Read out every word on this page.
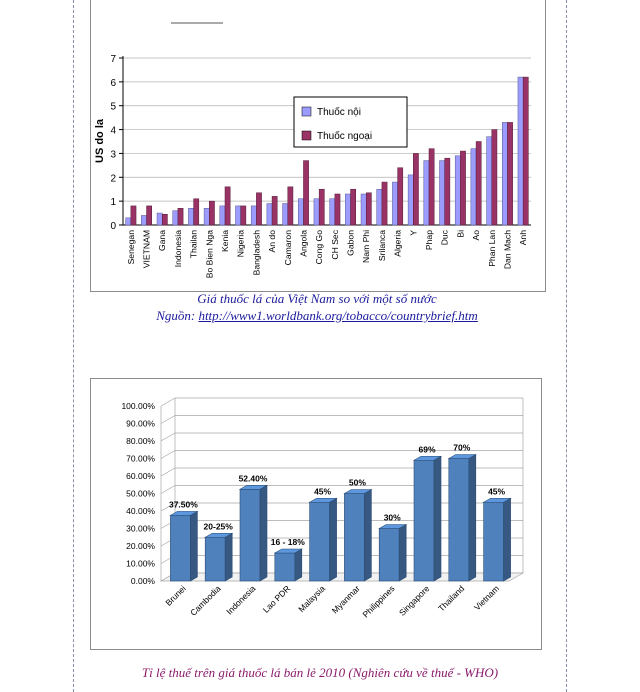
0
1
2
3
4
5
6
7
Senegan VIETNAM Gana Indonesia Thailan Bo Bien Nga Kenia Nigeria Bangladesh An do Camaron Angola Cong Go CH Sec Gabon Nam Phi Srilanca Algeria Y Phap Duc Bi Ao Phan Lan Dan Mach Anh
US do la
Thuốc nội
Thuốc ngoại
Giá thuốc lá của Việt Nam so với một số nước
Nguồn: http://www1.worldbank.org/tobacco/countrybrief.htm
0.00%
10.00%
20.00%
30.00%
40.00%
50.00%
60.00%
70.00%
80.00%
90.00%
100.00%
37.50%
20-25%
52.40%
16 - 18%
45%
50%
30%
69% 70%
45%
Brunei Cambodia Indonesia Lao PDR Malaysia Myanmar
Philippines Singapore Thailand Vietnam
Tỉ lệ thuế trên giá thuốc lá bán lẻ 2010 (Nghiên cứu về thuế - WHO)
